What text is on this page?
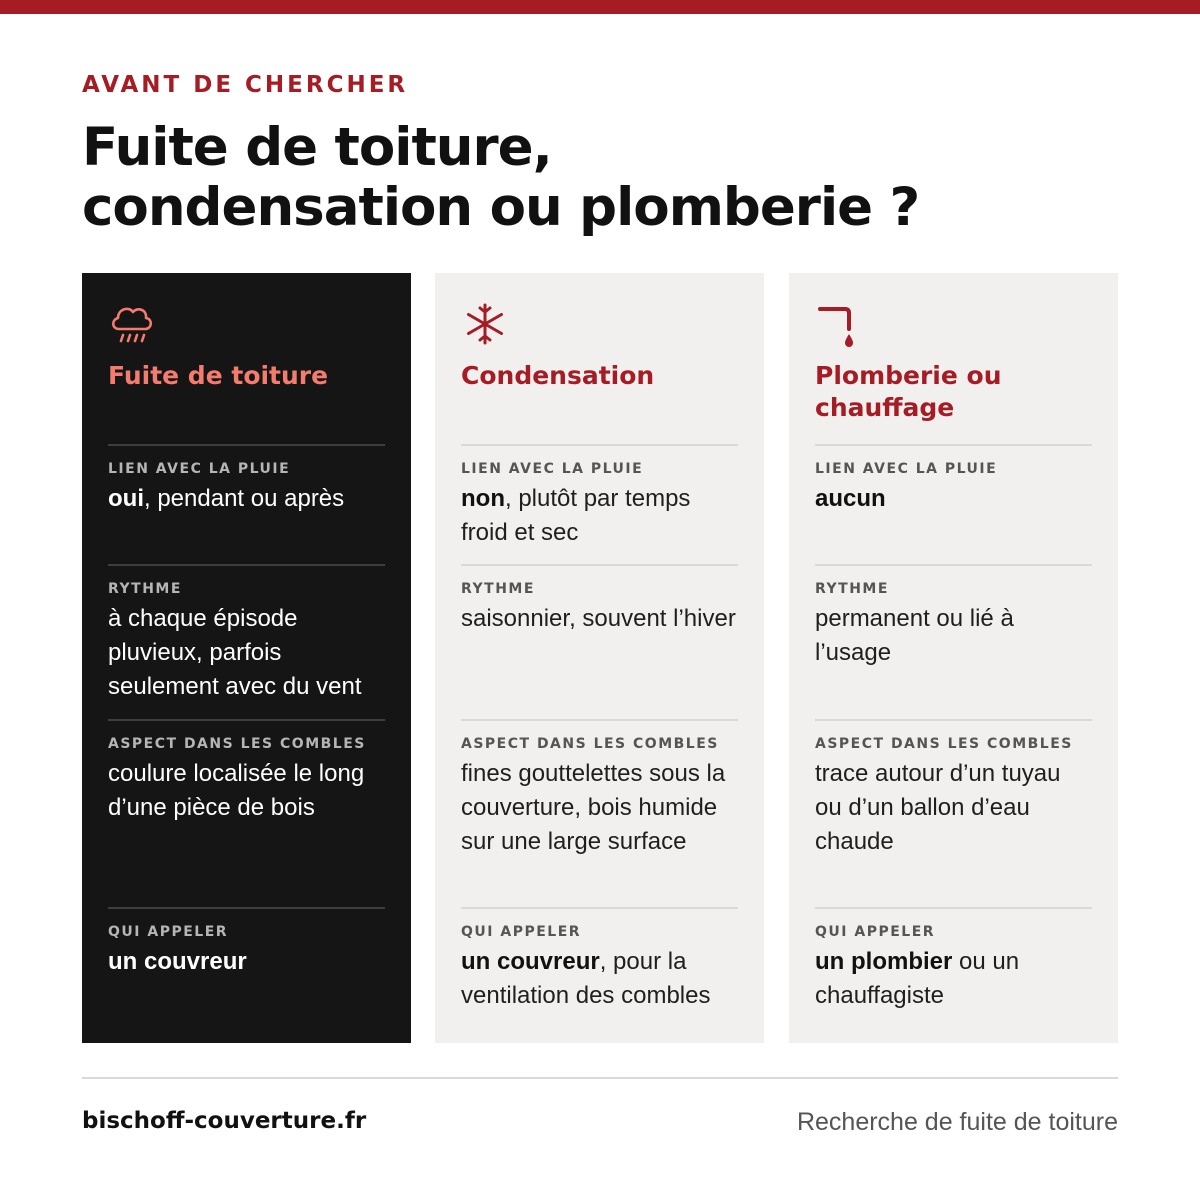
AVANT DE CHERCHER
Fuite de toiture,
condensation ou plomberie ?
Fuite de toiture
LIEN AVEC LA PLUIE
oui, pendant ou après
RYTHME
à chaque épisode pluvieux, parfois seulement avec du vent
ASPECT DANS LES COMBLES
coulure localisée le long d’une pièce de bois
QUI APPELER
un couvreur
Condensation
LIEN AVEC LA PLUIE
non, plutôt par temps froid et sec
RYTHME
saisonnier, souvent l’hiver
ASPECT DANS LES COMBLES
fines gouttelettes sous la couverture, bois humide sur une large surface
QUI APPELER
un couvreur, pour la ventilation des combles
Plomberie ou chauffage
LIEN AVEC LA PLUIE
aucun
RYTHME
permanent ou lié à l’usage
ASPECT DANS LES COMBLES
trace autour d’un tuyau ou d’un ballon d’eau chaude
QUI APPELER
un plombier ou un chauffagiste
bischoff-couverture.fr	Recherche de fuite de toiture
